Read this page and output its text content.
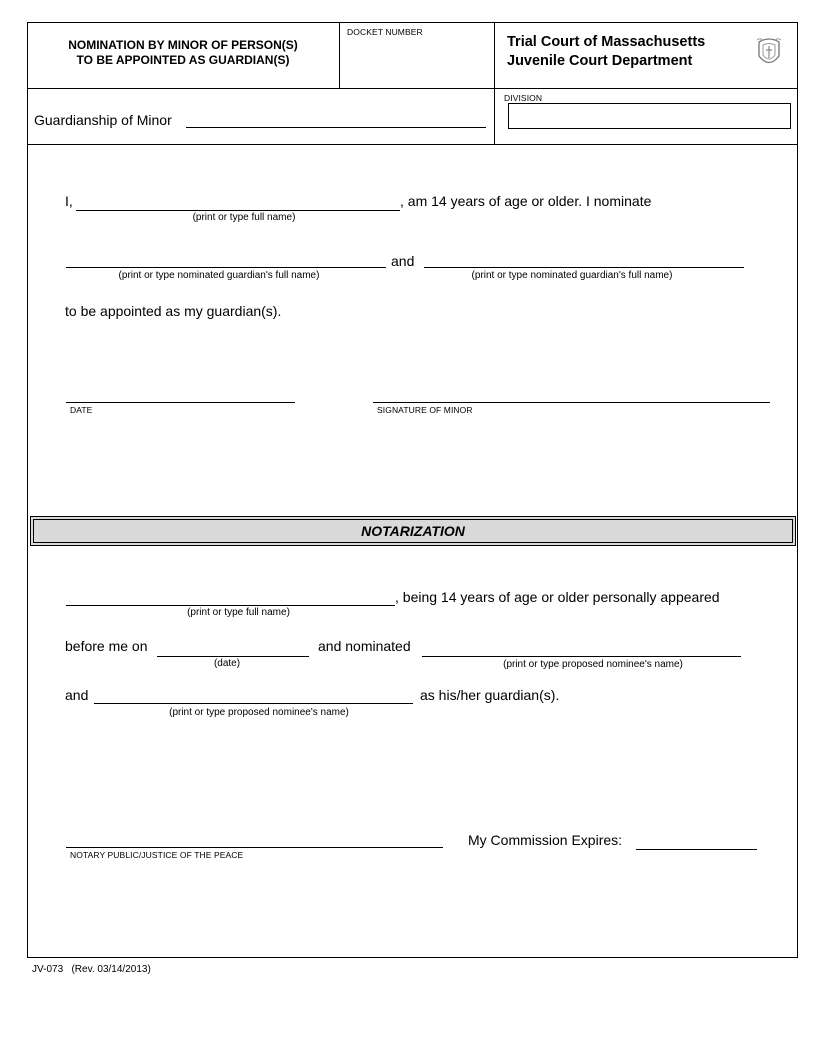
NOMINATION BY MINOR OF PERSON(S)
TO BE APPOINTED AS GUARDIAN(S)
DOCKET NUMBER
Trial Court of Massachusetts
Juvenile Court Department
Guardianship of Minor
DIVISION
I,	, am 14 years of age or older. I nominate
(print or type full name)
and
(print or type nominated guardian's full name)	(print or type nominated guardian's full name)
to be appointed as my guardian(s).
DATE	SIGNATURE OF MINOR
NOTARIZATION
, being 14 years of age or older personally appeared
(print or type full name)
before me on
(date)
and nominated
(print or type proposed nominee's name)
and	as his/her guardian(s).
(print or type proposed nominee's name)
NOTARY PUBLIC/JUSTICE OF THE PEACE
My Commission Expires:
JV-073   (Rev. 03/14/2013)
